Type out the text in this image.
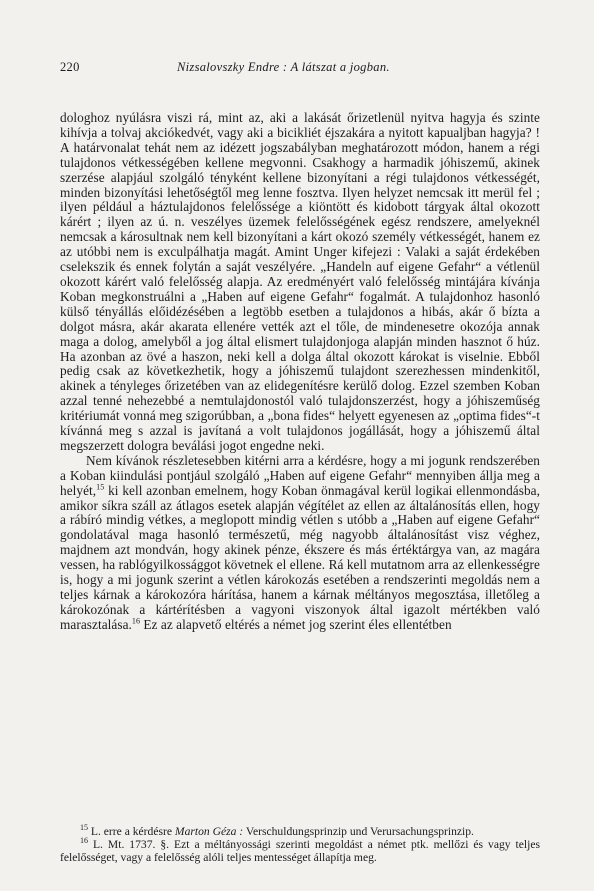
220	Nizsalovszky Endre : A látszat a jogban.

dologhoz nyúlásra viszi rá, mint az, aki a lakását őrizetlenül nyitva hagyja és szinte kihívja a tolvaj akciókedvét, vagy aki a bicikliét éjszakára a nyitott kapualjban hagyja? ! A határvonalat tehát nem az idézett jogszabályban meghatározott módon, hanem a régi tulajdonos vétkességében kellene megvonni. Csakhogy a harmadik jóhiszemű, akinek szerzése alapjául szolgáló tényként kellene bizonyítani a régi tulajdonos vétkességét, minden bizonyítási lehetőségtől meg lenne fosztva. Ilyen helyzet nemcsak itt merül fel ; ilyen például a háztulajdonos felelőssége a kiöntött és kidobott tárgyak által okozott kárért ; ilyen az ú. n. veszélyes üzemek felelősségének egész rendszere, amelyeknél nemcsak a károsultnak nem kell bizonyítani a kárt okozó személy vétkességét, hanem ez az utóbbi nem is exculpálhatja magát. Amint Unger kifejezi : Valaki a saját érdekében cselekszik és ennek folytán a saját veszélyére. „Handeln auf eigene Gefahr“ a vétlenül okozott kárért való felelősség alapja. Az eredményért való felelősség mintájára kívánja Koban megkonstruálni a „Haben auf eigene Gefahr“ fogalmát. A tulajdonhoz hasonló külső tényállás előidézésében a legtöbb esetben a tulajdonos a hibás, akár ő bízta a dolgot másra, akár akarata ellenére vették azt el tőle, de mindenesetre okozója annak maga a dolog, amelyből a jog által elismert tulajdonjoga alapján minden hasznot ő húz. Ha azonban az övé a haszon, neki kell a dolga által okozott károkat is viselnie. Ebből pedig csak az következhetik, hogy a jóhiszemű tulajdont szerezhessen mindenkitől, akinek a tényleges őrizetében van az elidegenítésre kerülő dolog. Ezzel szemben Koban azzal tenné nehezebbé a nemtulajdonostól való tulajdonszerzést, hogy a jóhiszeműség kritériumát vonná meg szigorúbban, a „bona fides“ helyett egyenesen az „optima fides“-t kívánná meg s azzal is javítaná a volt tulajdonos jogállását, hogy a jóhiszemű által megszerzett dologra beválási jogot engedne neki.

Nem kívánok részletesebben kitérni arra a kérdésre, hogy a mi jogunk rendszerében a Koban kiindulási pontjául szolgáló „Haben auf eigene Gefahr“ mennyiben állja meg a helyét,$^{15}$ ki kell azonban emelnem, hogy Koban önmagával kerül logikai ellenmondásba, amikor síkra száll az átlagos esetek alapján végítélet az ellen az általánosítás ellen, hogy a rábíró mindig vétkes, a meglopott mindig vétlen s utóbb a „Haben auf eigene Gefahr“ gondolatával maga hasonló természetű, még nagyobb általánosítást visz véghez, majdnem azt mondván, hogy akinek pénze, ékszere és más értéktárgya van, az magára vessen, ha rablógyilkossággot követnek el ellene. Rá kell mutatnom arra az ellenkességre is, hogy a mi jogunk szerint a vétlen károkozás esetében a rendszerinti megoldás nem a teljes kárnak a károkozóra hárítása, hanem a kárnak méltányos megosztása, illetőleg a károkozónak a kártérítésben a vagyoni viszonyok által igazolt mértékben való marasztalása.$^{16}$ Ez az alapvető eltérés a német jog szerint éles ellentétben

$^{15}$ L. erre a kérdésre Marton Géza : Verschuldungsprinzip und Verursachungsprinzip.

$^{16}$ L. Mt. 1737. §. Ezt a méltányossági szerinti megoldást a német ptk. mellőzi és vagy teljes felelősséget, vagy a felelősség alóli teljes mentességet állapítja meg.
